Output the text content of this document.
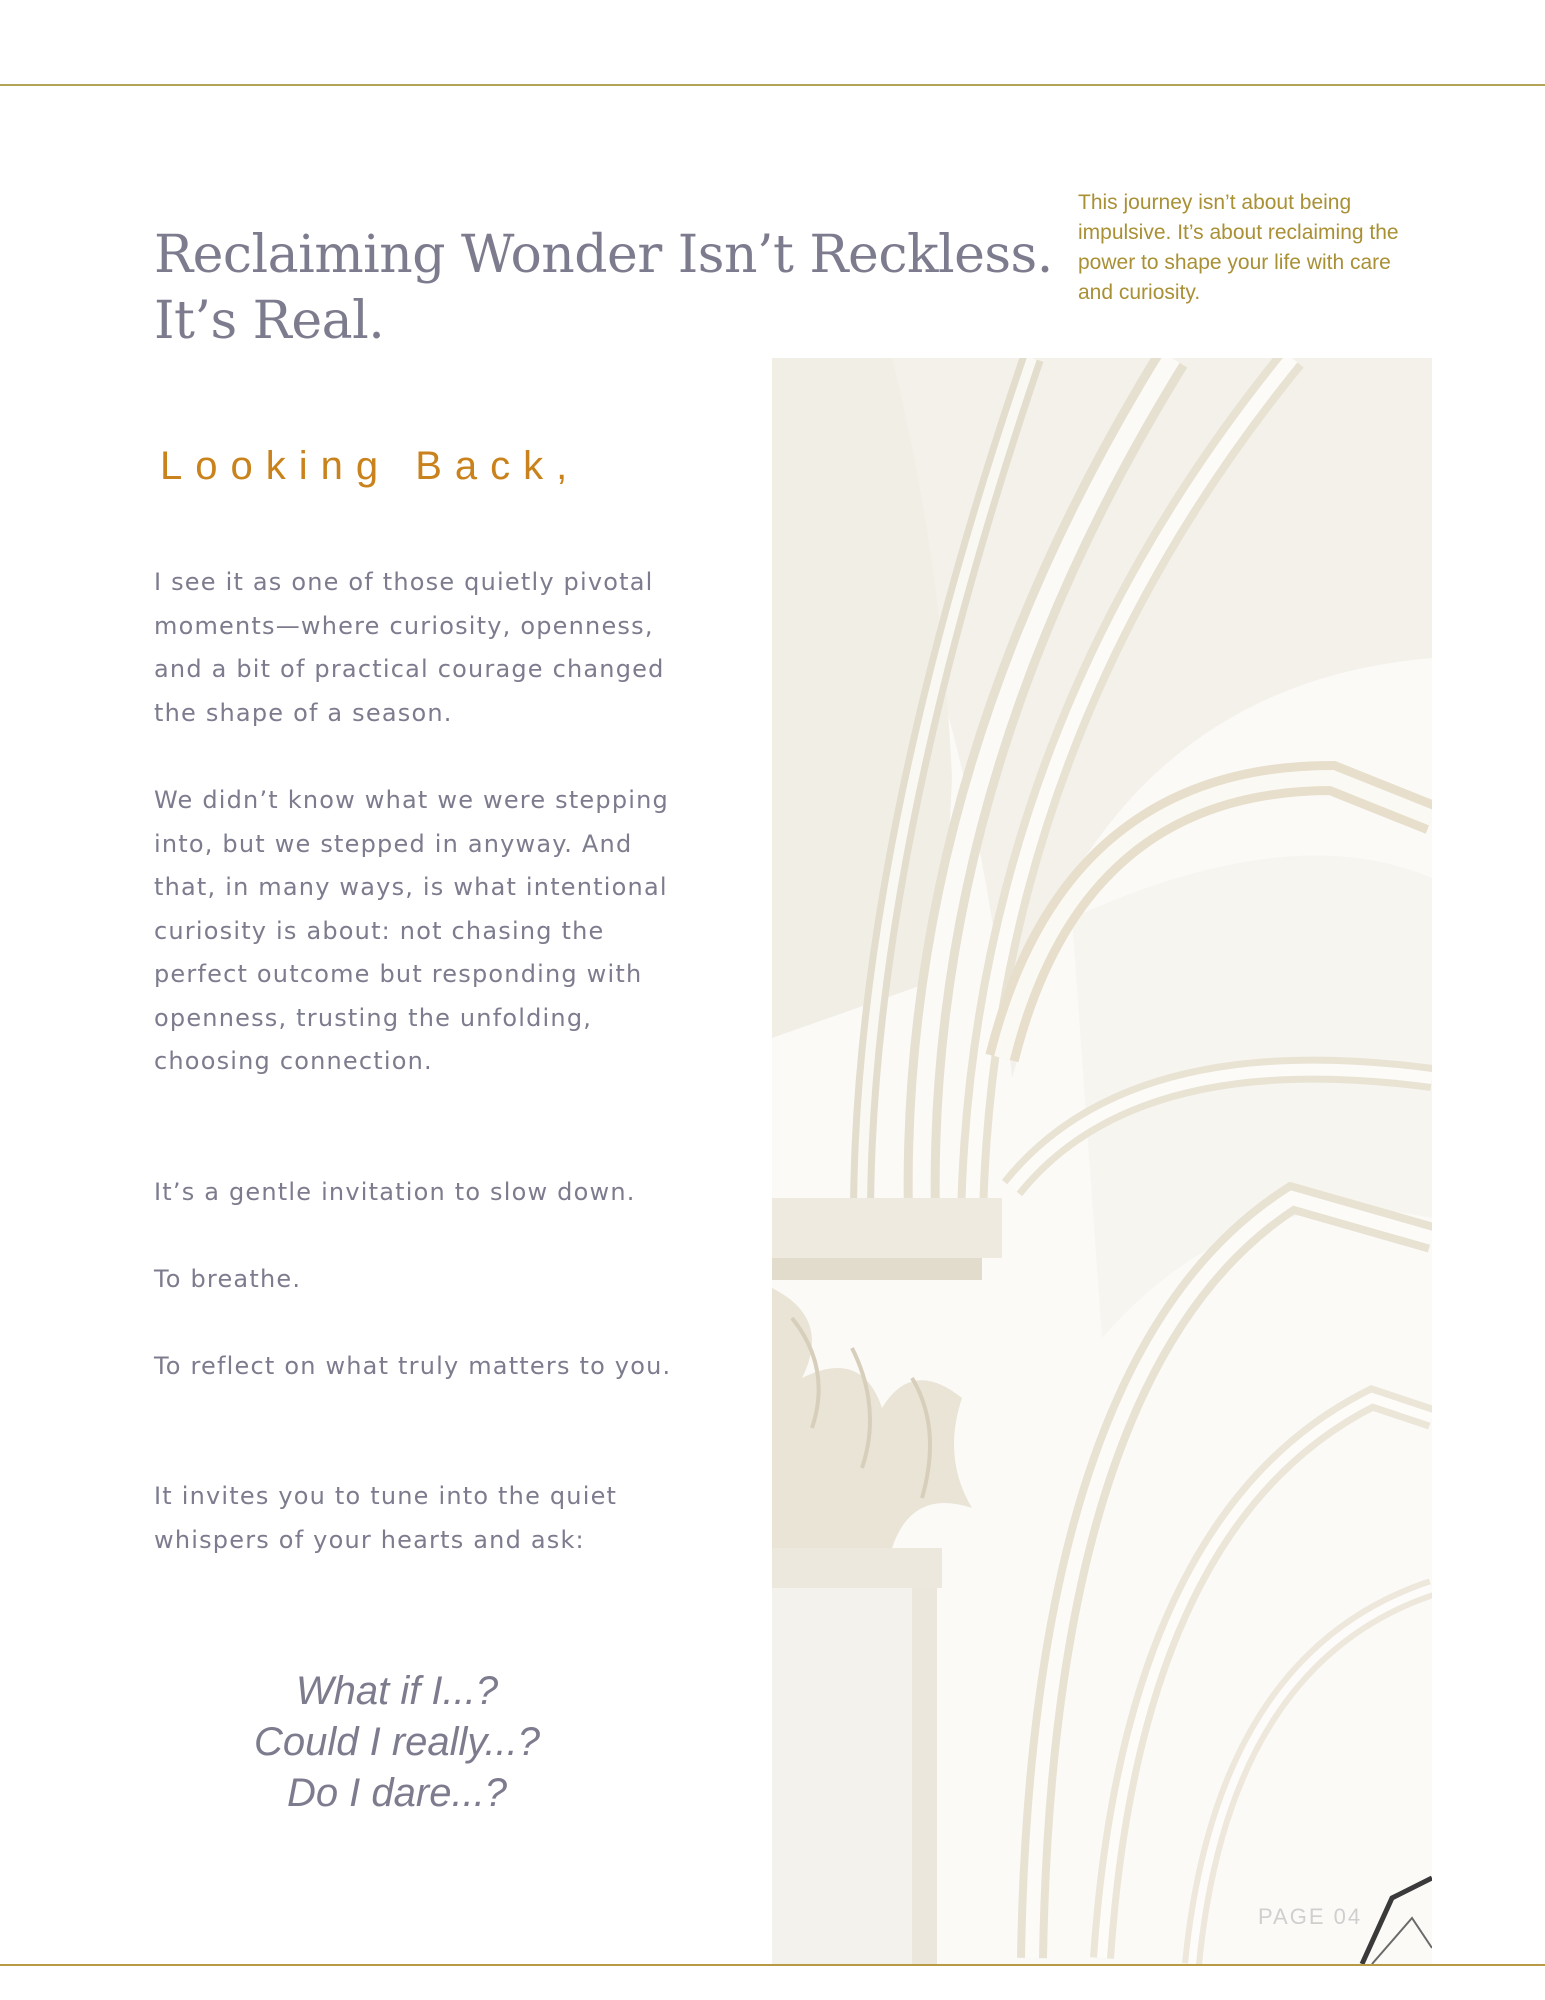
Reclaiming Wonder Isn’t Reckless.
It’s Real.

This journey isn’t about being impulsive. It’s about reclaiming the power to shape your life with care and curiosity.

Looking Back,

I see it as one of those quietly pivotal moments—where curiosity, openness, and a bit of practical courage changed the shape of a season.

We didn’t know what we were stepping into, but we stepped in anyway. And that, in many ways, is what intentional curiosity is about: not chasing the perfect outcome but responding with openness, trusting the unfolding, choosing connection.

It’s a gentle invitation to slow down.

To breathe.

To reflect on what truly matters to you.

It invites you to tune into the quiet whispers of your hearts and ask:

What if I...?
Could I really...?
Do I dare...?
PAGE 04
